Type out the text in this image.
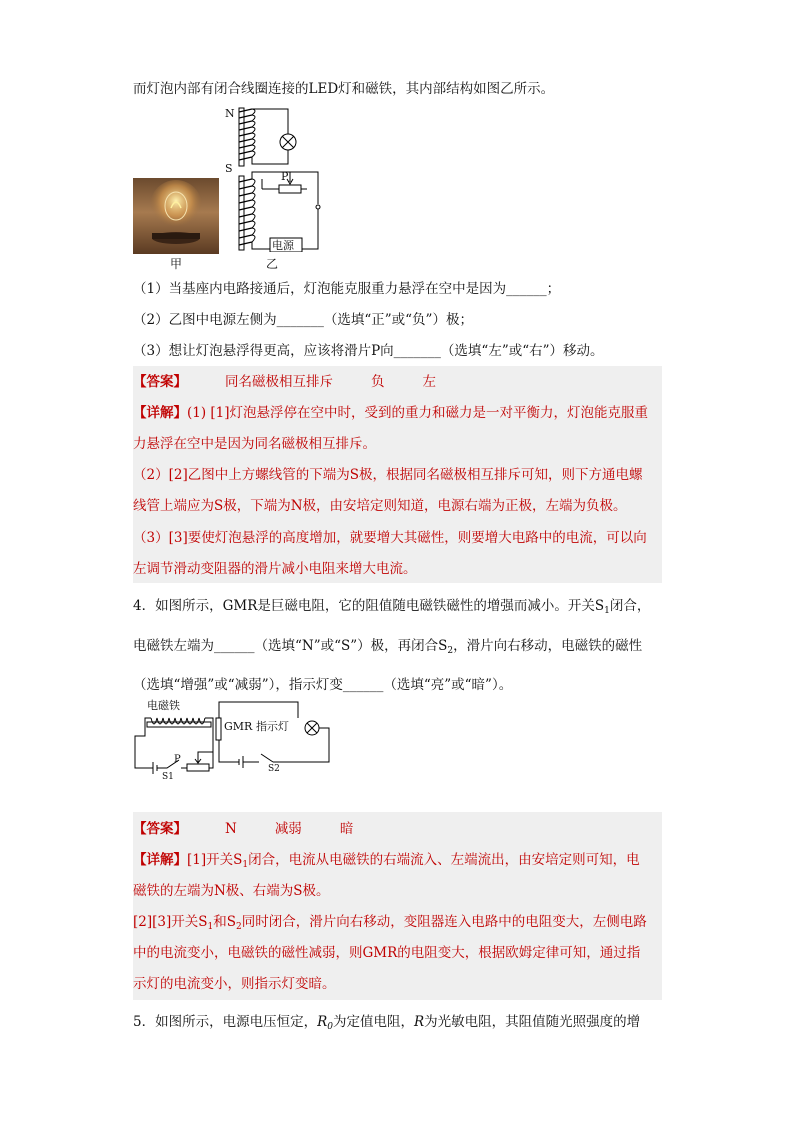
而灯泡内部有闭合线圈连接的LED灯和磁铁，其内部结构如图乙所示。
甲
N
S
P
电源
乙
（1）当基座内电路接通后，灯泡能克服重力悬浮在空中是因为______；
（2）乙图中电源左侧为_______（选填“正”或“负”）极；
（3）想让灯泡悬浮得更高，应该将滑片P向_______（选填“左”或“右”）移动。
【答案】	同名磁极相互排斥	负	左
【详解】(1) [1]灯泡悬浮停在空中时，受到的重力和磁力是一对平衡力，灯泡能克服重
力悬浮在空中是因为同名磁极相互排斥。
（2）[2]乙图中上方螺线管的下端为S极，根据同名磁极相互排斥可知，则下方通电螺
线管上端应为S极，下端为N极，由安培定则知道，电源右端为正极，左端为负极。
（3）[3]要使灯泡悬浮的高度增加，就要增大其磁性，则要增大电路中的电流，可以向
左调节滑动变阻器的滑片减小电阻来增大电流。
4．如图所示，GMR是巨磁电阻，它的阻值随电磁铁磁性的增强而减小。开关$S_1$闭合，
电磁铁左端为______（选填“N”或“S”）极，再闭合$S_2$，滑片向右移动，电磁铁的磁性
（选填“增强”或“减弱”），指示灯变______（选填“亮”或“暗”）。
电磁铁
GMR 指示灯
P
S1
S2
【答案】	N	减弱	暗
【详解】[1]开关$S_1$闭合，电流从电磁铁的右端流入、左端流出，由安培定则可知，电
磁铁的左端为N极、右端为S极。
[2][3]开关$S_1$和$S_2$同时闭合，滑片向右移动，变阻器连入电路中的电阻变大，左侧电路
中的电流变小，电磁铁的磁性减弱，则GMR的电阻变大，根据欧姆定律可知，通过指
示灯的电流变小，则指示灯变暗。
5．如图所示，电源电压恒定，$R_0$为定值电阻，R为光敏电阻，其阻值随光照强度的增
